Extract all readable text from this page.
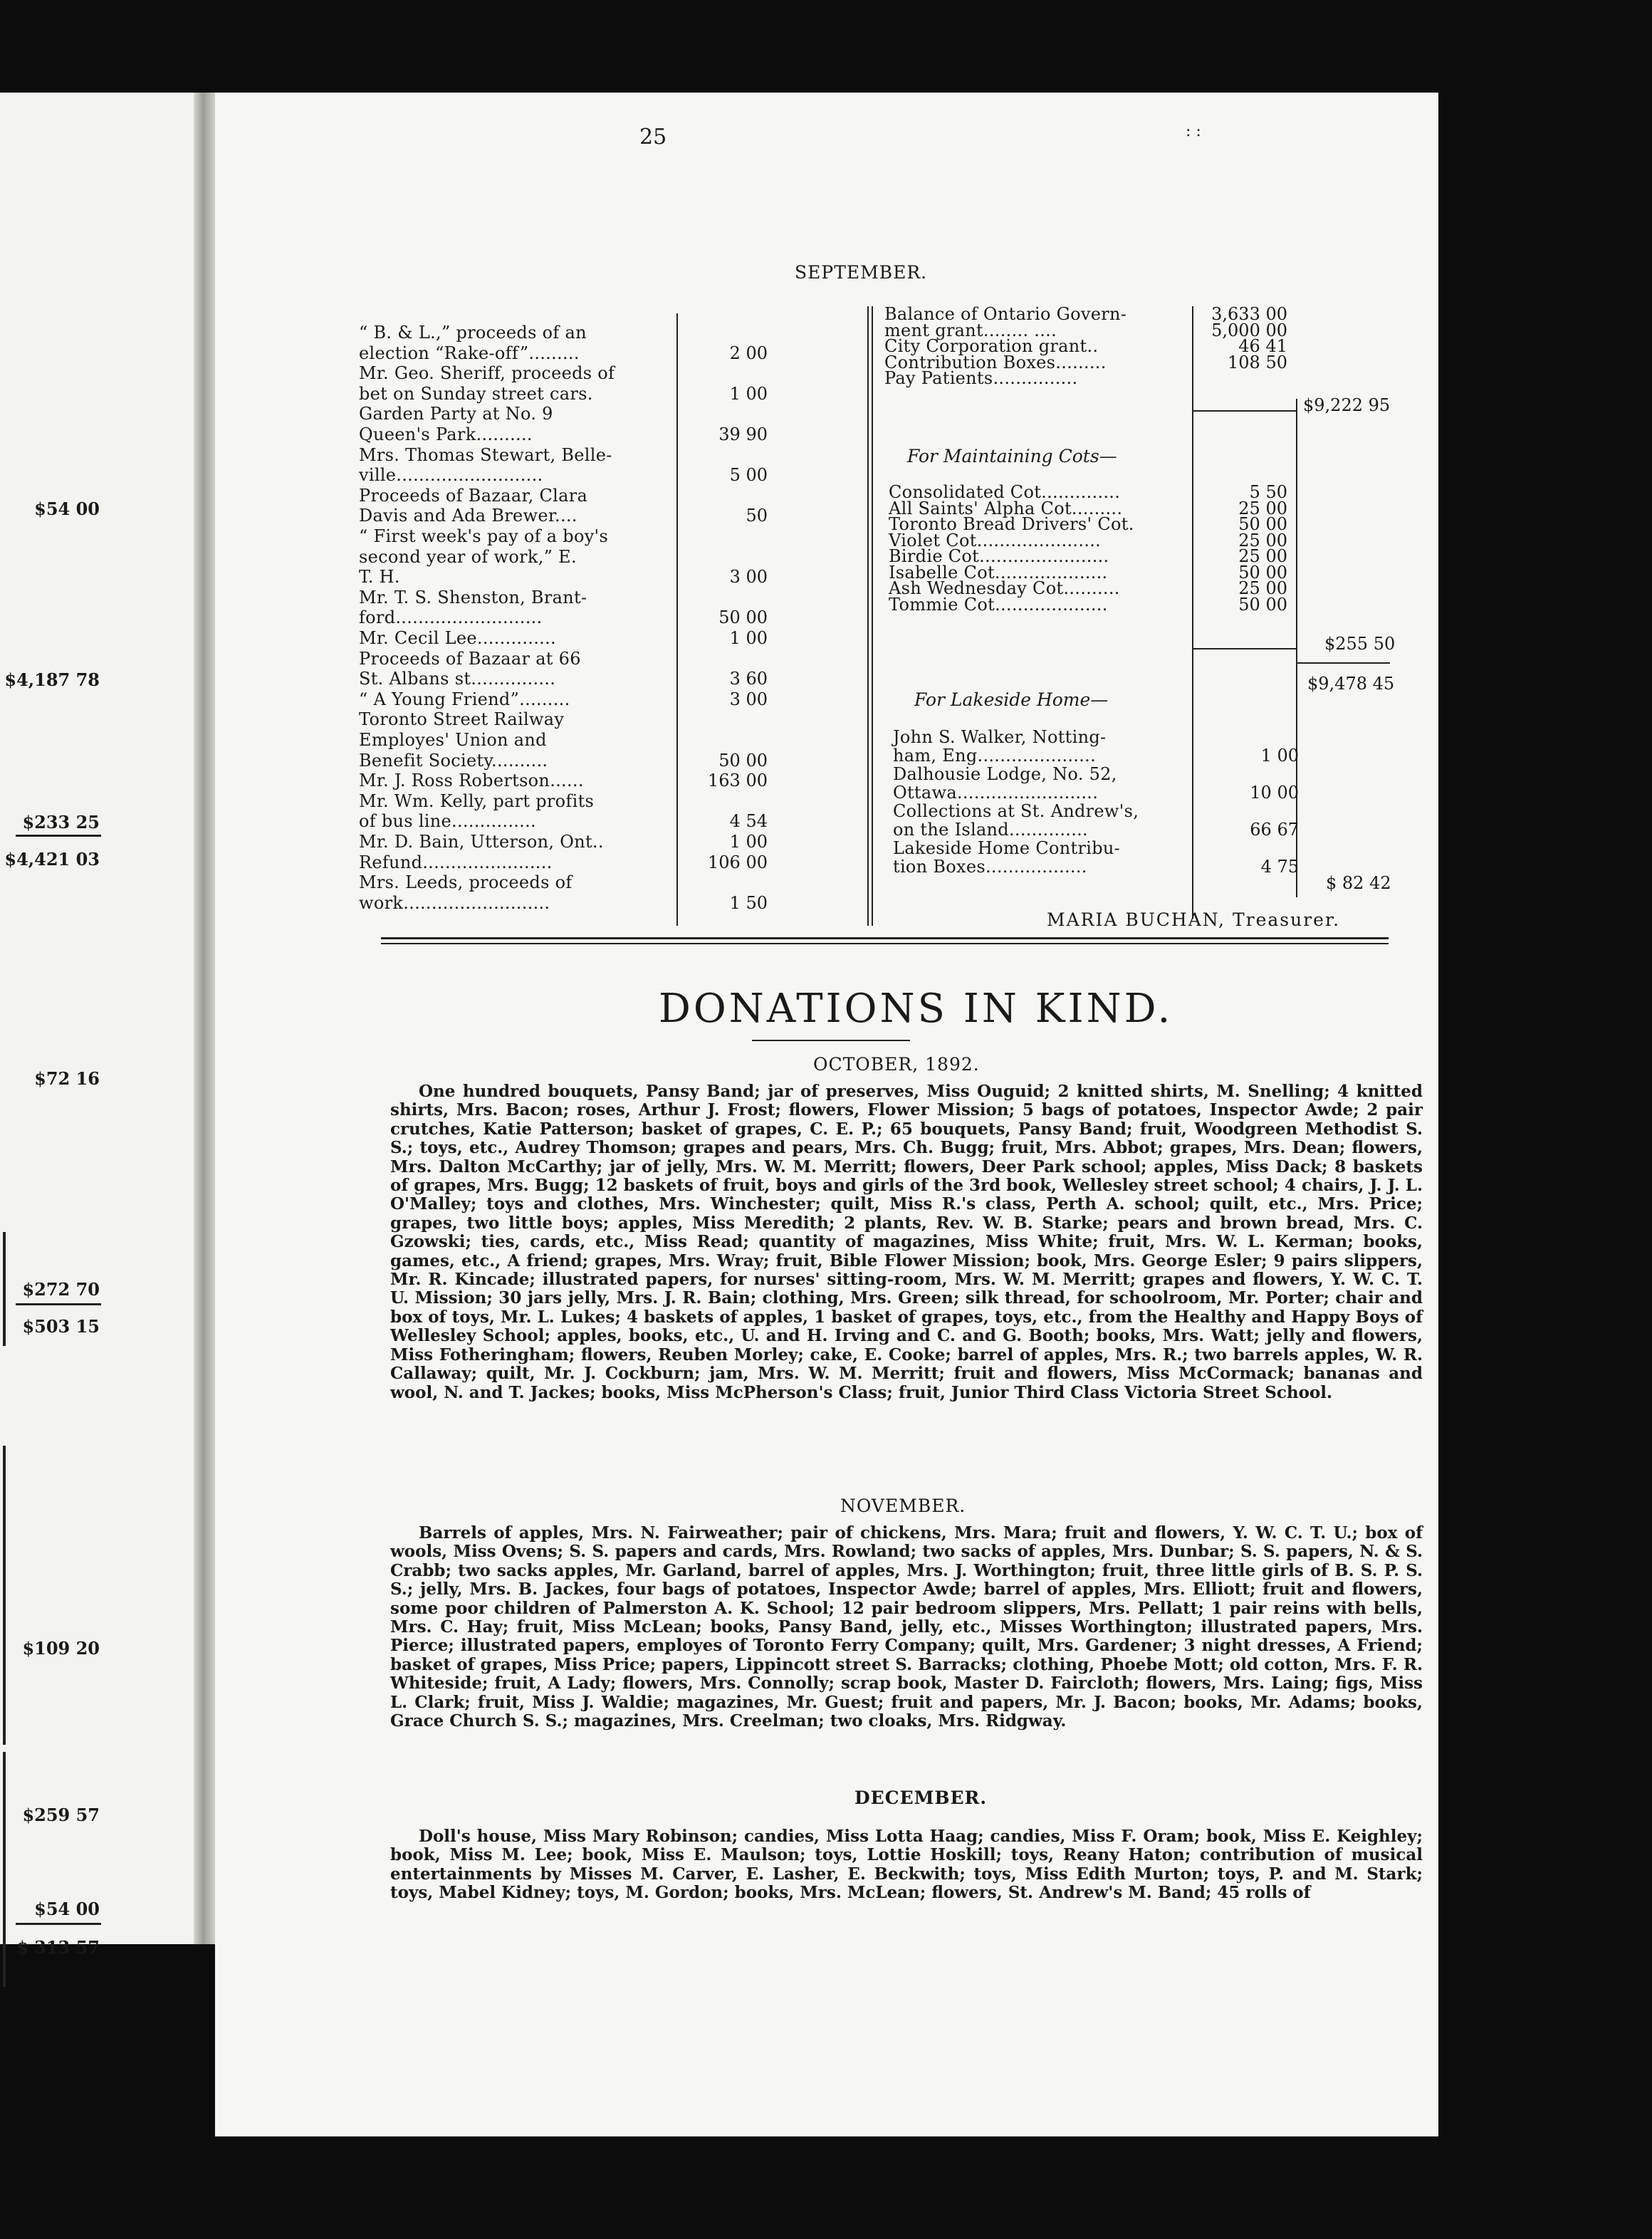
$54 00
$4,187 78
$233 25
$4,421 03
$72 16
$272 70
$503 15
$109 20
$259 57
$54 00
$ 313 57
25	: :
SEPTEMBER.
“ B. & L.,” proceeds of an
election “Rake-off”.........	2 00
Mr. Geo. Sheriff, proceeds of
bet on Sunday street cars.	1 00
Garden Party at No. 9
Queen's Park..........	39 90
Mrs. Thomas Stewart, Belle-
ville..........................	5 00
Proceeds of Bazaar, Clara
Davis and Ada Brewer....	50
“ First week's pay of a boy's
second year of work,” E.
T. H.	3 00
Mr. T. S. Shenston, Brant-
ford..........................	50 00
Mr. Cecil Lee..............	1 00
Proceeds of Bazaar at 66
St. Albans st...............	3 60
“ A Young Friend”.........	3 00
Toronto Street Railway
Employes' Union and
Benefit Society..........	50 00
Mr. J. Ross Robertson......	163 00
Mr. Wm. Kelly, part profits
of bus line...............	4 54
Mr. D. Bain, Utterson, Ont..	1 00
Refund.......................	106 00
Mrs. Leeds, proceeds of
work..........................	1 50
Balance of Ontario Govern-	3,633 00
ment grant........ ....	5,000 00
City Corporation grant..	46 41
Contribution Boxes.........	108 50
Pay Patients...............
Consolidated Cot..............	5 50
All Saints' Alpha Cot.........	25 00
Toronto Bread Drivers' Cot.	50 00
Violet Cot......................	25 00
Birdie Cot.......................	25 00
Isabelle Cot....................	50 00
Ash Wednesday Cot..........	25 00
Tommie Cot....................	50 00
John S. Walker, Notting-
ham, Eng.....................	1 00
Dalhousie Lodge, No. 52,
Ottawa.........................	10 00
Collections at St. Andrew's,
on the Island..............	66 67
Lakeside Home Contribu-
tion Boxes..................	4 75
$9,222 95
For Maintaining Cots—
$255 50
$9,478 45
For Lakeside Home—
$ 82 42
MARIA BUCHAN, Treasurer.
DONATIONS IN KIND.
OCTOBER, 1892.
One hundred bouquets, Pansy Band; jar of preserves, Miss Ouguid; 2 knitted shirts, M. Snelling; 4 knitted shirts, Mrs. Bacon; roses, Arthur J. Frost; flowers, Flower Mission; 5 bags of potatoes, Inspector Awde; 2 pair crutches, Katie Patterson; basket of grapes, C. E. P.; 65 bouquets, Pansy Band; fruit, Woodgreen Methodist S. S.; toys, etc., Audrey Thomson; grapes and pears, Mrs. Ch. Bugg; fruit, Mrs. Abbot; grapes, Mrs. Dean; flowers, Mrs. Dalton McCarthy; jar of jelly, Mrs. W. M. Merritt; flowers, Deer Park school; apples, Miss Dack; 8 baskets of grapes, Mrs. Bugg; 12 baskets of fruit, boys and girls of the 3rd book, Wellesley street school; 4 chairs, J. J. L. O'Malley; toys and clothes, Mrs. Winchester; quilt, Miss R.'s class, Perth A. school; quilt, etc., Mrs. Price; grapes, two little boys; apples, Miss Meredith; 2 plants, Rev. W. B. Starke; pears and brown bread, Mrs. C. Gzowski; ties, cards, etc., Miss Read; quantity of magazines, Miss White; fruit, Mrs. W. L. Kerman; books, games, etc., A friend; grapes, Mrs. Wray; fruit, Bible Flower Mission; book, Mrs. George Esler; 9 pairs slippers, Mr. R. Kincade; illustrated papers, for nurses' sitting-room, Mrs. W. M. Merritt; grapes and flowers, Y. W. C. T. U. Mission; 30 jars jelly, Mrs. J. R. Bain; clothing, Mrs. Green; silk thread, for schoolroom, Mr. Porter; chair and box of toys, Mr. L. Lukes; 4 baskets of apples, 1 basket of grapes, toys, etc., from the Healthy and Happy Boys of Wellesley School; apples, books, etc., U. and H. Irving and C. and G. Booth; books, Mrs. Watt; jelly and flowers, Miss Fotheringham; flowers, Reuben Morley; cake, E. Cooke; barrel of apples, Mrs. R.; two barrels apples, W. R. Callaway; quilt, Mr. J. Cockburn; jam, Mrs. W. M. Merritt; fruit and flowers, Miss McCormack; bananas and wool, N. and T. Jackes; books, Miss McPherson's Class; fruit, Junior Third Class Victoria Street School.
NOVEMBER.
Barrels of apples, Mrs. N. Fairweather; pair of chickens, Mrs. Mara; fruit and flowers, Y. W. C. T. U.; box of wools, Miss Ovens; S. S. papers and cards, Mrs. Rowland; two sacks of apples, Mrs. Dunbar; S. S. papers, N. & S. Crabb; two sacks apples, Mr. Garland, barrel of apples, Mrs. J. Worthington; fruit, three little girls of B. S. P. S. S.; jelly, Mrs. B. Jackes, four bags of potatoes, Inspector Awde; barrel of apples, Mrs. Elliott; fruit and flowers, some poor children of Palmerston A. K. School; 12 pair bedroom slippers, Mrs. Pellatt; 1 pair reins with bells, Mrs. C. Hay; fruit, Miss McLean; books, Pansy Band, jelly, etc., Misses Worthington; illustrated papers, Mrs. Pierce; illustrated papers, employes of Toronto Ferry Company; quilt, Mrs. Gardener; 3 night dresses, A Friend; basket of grapes, Miss Price; papers, Lippincott street S. Barracks; clothing, Phoebe Mott; old cotton, Mrs. F. R. Whiteside; fruit, A Lady; flowers, Mrs. Connolly; scrap book, Master D. Faircloth; flowers, Mrs. Laing; figs, Miss L. Clark; fruit, Miss J. Waldie; magazines, Mr. Guest; fruit and papers, Mr. J. Bacon; books, Mr. Adams; books, Grace Church S. S.; magazines, Mrs. Creelman; two cloaks, Mrs. Ridgway.
DECEMBER.
Doll's house, Miss Mary Robinson; candies, Miss Lotta Haag; candies, Miss F. Oram; book, Miss E. Keighley; book, Miss M. Lee; book, Miss E. Maulson; toys, Lottie Hoskill; toys, Reany Haton; contribution of musical entertainments by Misses M. Carver, E. Lasher, E. Beckwith; toys, Miss Edith Murton; toys, P. and M. Stark; toys, Mabel Kidney; toys, M. Gordon; books, Mrs. McLean; flowers, St. Andrew's M. Band; 45 rolls of
